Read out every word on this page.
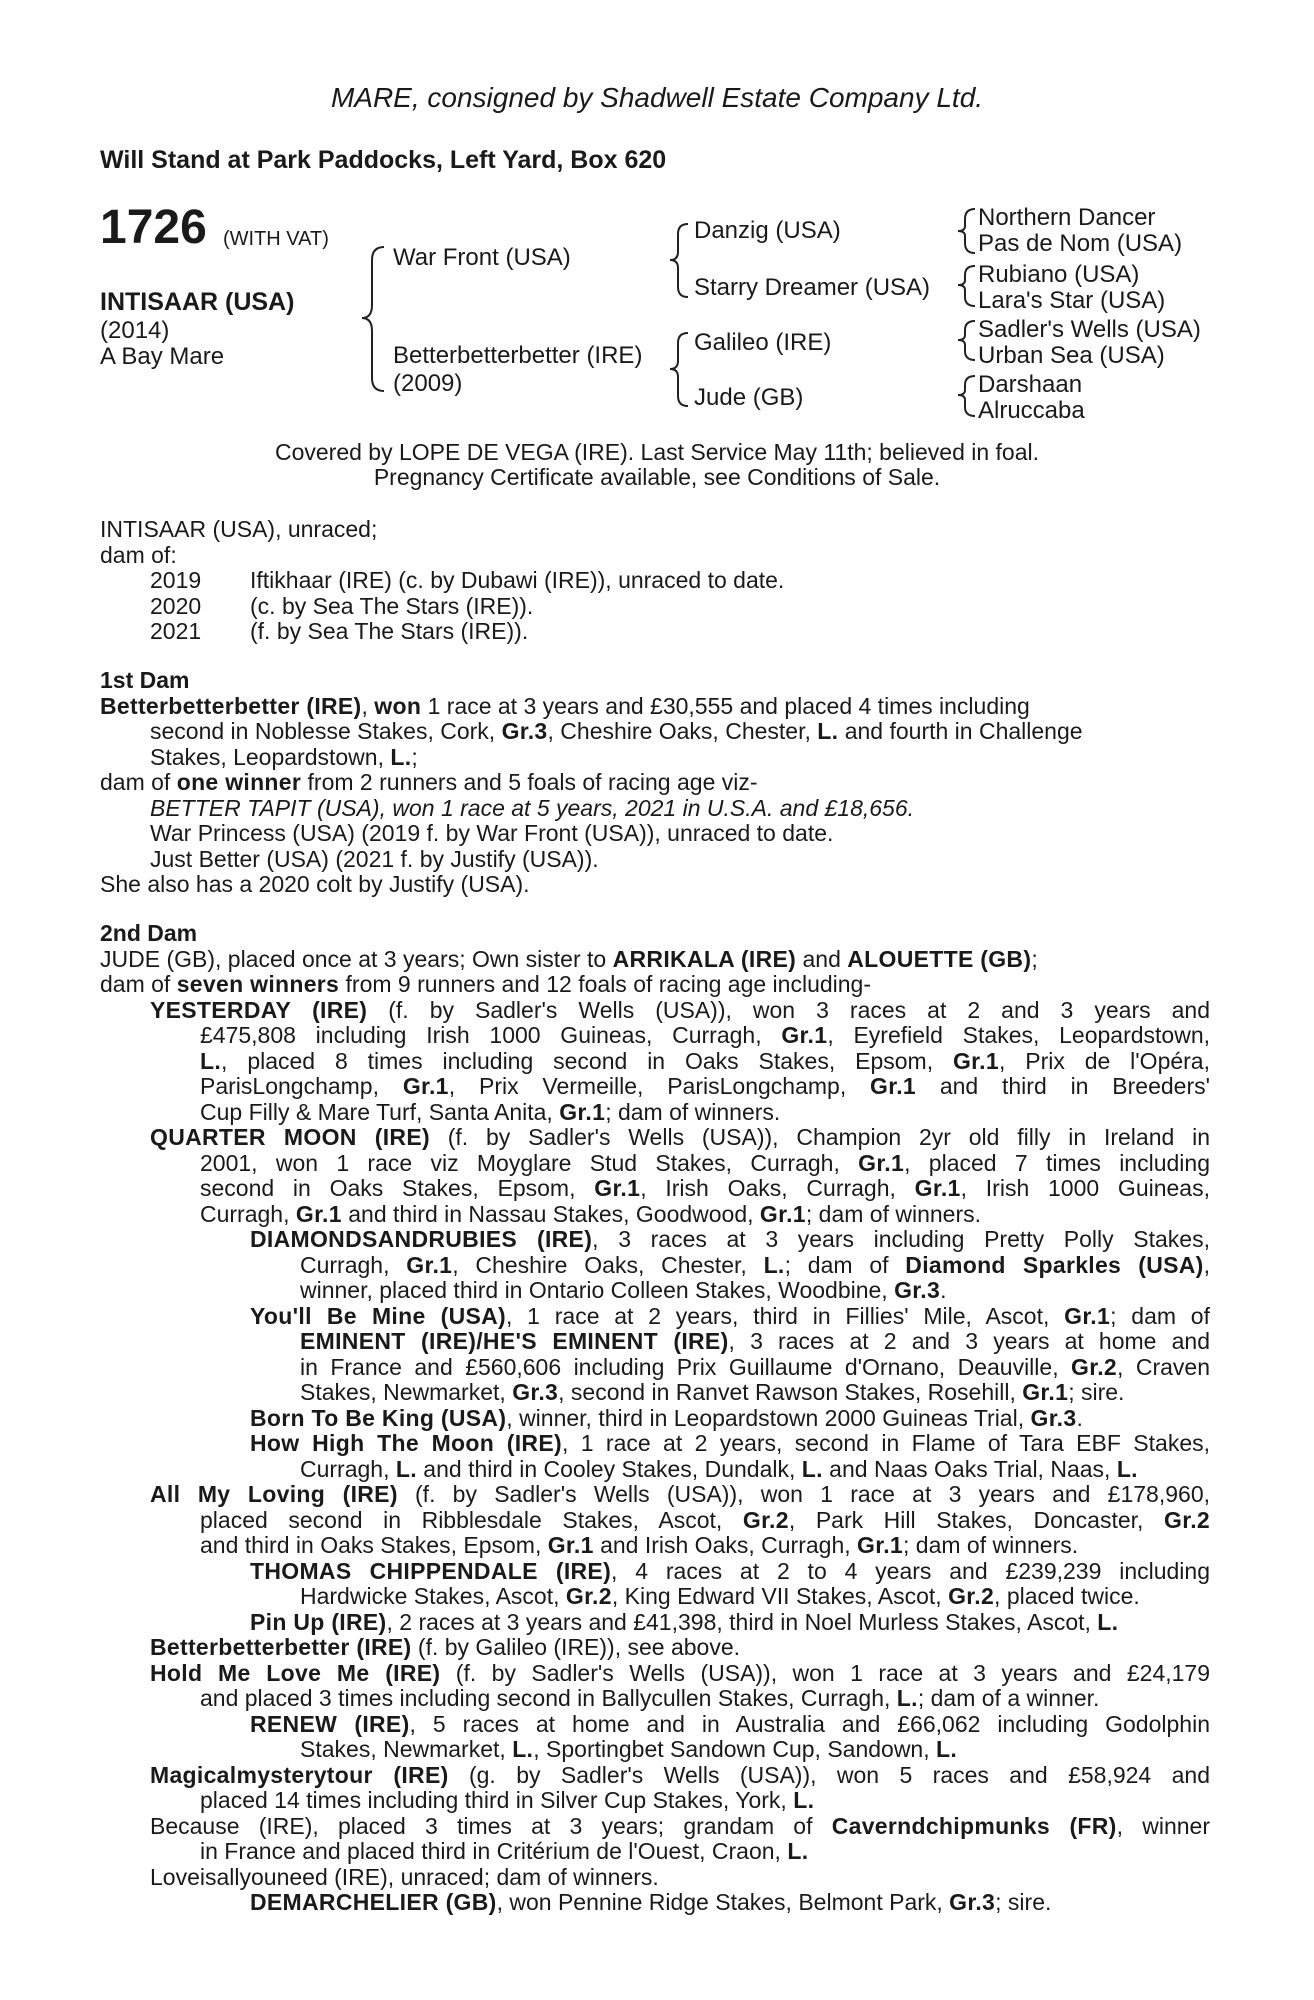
MARE, consigned by Shadwell Estate Company Ltd.
Will Stand at Park Paddocks, Left Yard, Box 620
1726 (WITH VAT)
INTISAAR (USA)
(2014)
A Bay Mare
War Front (USA)
Betterbetterbetter (IRE)
(2009)
Danzig (USA)
Starry Dreamer (USA)
Galileo (IRE)
Jude (GB)
Northern Dancer
Pas de Nom (USA)
Rubiano (USA)
Lara's Star (USA)
Sadler's Wells (USA)
Urban Sea (USA)
Darshaan
Alruccaba
Covered by LOPE DE VEGA (IRE). Last Service May 11th; believed in foal.
Pregnancy Certificate available, see Conditions of Sale.

INTISAAR (USA), unraced;

dam of:

2019	Iftikhaar (IRE) (c. by Dubawi (IRE)), unraced to date.
2020	(c. by Sea The Stars (IRE)).
2021	(f. by Sea The Stars (IRE)).

1st Dam

Betterbetterbetter (IRE), won 1 race at 3 years and £30,555 and placed 4 times including

second in Noblesse Stakes, Cork, Gr.3, Cheshire Oaks, Chester, L. and fourth in Challenge

Stakes, Leopardstown, L.;

dam of one winner from 2 runners and 5 foals of racing age viz-

BETTER TAPIT (USA), won 1 race at 5 years, 2021 in U.S.A. and £18,656.

War Princess (USA) (2019 f. by War Front (USA)), unraced to date.

Just Better (USA) (2021 f. by Justify (USA)).

She also has a 2020 colt by Justify (USA).

2nd Dam

JUDE (GB), placed once at 3 years; Own sister to ARRIKALA (IRE) and ALOUETTE (GB);

dam of seven winners from 9 runners and 12 foals of racing age including-

YESTERDAY (IRE) (f. by Sadler's Wells (USA)), won 3 races at 2 and 3 years and

£475,808 including Irish 1000 Guineas, Curragh, Gr.1, Eyrefield Stakes, Leopardstown,

L., placed 8 times including second in Oaks Stakes, Epsom, Gr.1, Prix de l'Opéra,

ParisLongchamp, Gr.1, Prix Vermeille, ParisLongchamp, Gr.1 and third in Breeders'

Cup Filly & Mare Turf, Santa Anita, Gr.1; dam of winners.

QUARTER MOON (IRE) (f. by Sadler's Wells (USA)), Champion 2yr old filly in Ireland in

2001, won 1 race viz Moyglare Stud Stakes, Curragh, Gr.1, placed 7 times including

second in Oaks Stakes, Epsom, Gr.1, Irish Oaks, Curragh, Gr.1, Irish 1000 Guineas,

Curragh, Gr.1 and third in Nassau Stakes, Goodwood, Gr.1; dam of winners.

DIAMONDSANDRUBIES (IRE), 3 races at 3 years including Pretty Polly Stakes,

Curragh, Gr.1, Cheshire Oaks, Chester, L.; dam of Diamond Sparkles (USA),

winner, placed third in Ontario Colleen Stakes, Woodbine, Gr.3.

You'll Be Mine (USA), 1 race at 2 years, third in Fillies' Mile, Ascot, Gr.1; dam of

EMINENT (IRE)/HE'S EMINENT (IRE), 3 races at 2 and 3 years at home and

in France and £560,606 including Prix Guillaume d'Ornano, Deauville, Gr.2, Craven

Stakes, Newmarket, Gr.3, second in Ranvet Rawson Stakes, Rosehill, Gr.1; sire.

Born To Be King (USA), winner, third in Leopardstown 2000 Guineas Trial, Gr.3.

How High The Moon (IRE), 1 race at 2 years, second in Flame of Tara EBF Stakes,

Curragh, L. and third in Cooley Stakes, Dundalk, L. and Naas Oaks Trial, Naas, L.

All My Loving (IRE) (f. by Sadler's Wells (USA)), won 1 race at 3 years and £178,960,

placed second in Ribblesdale Stakes, Ascot, Gr.2, Park Hill Stakes, Doncaster, Gr.2

and third in Oaks Stakes, Epsom, Gr.1 and Irish Oaks, Curragh, Gr.1; dam of winners.

THOMAS CHIPPENDALE (IRE), 4 races at 2 to 4 years and £239,239 including

Hardwicke Stakes, Ascot, Gr.2, King Edward VII Stakes, Ascot, Gr.2, placed twice.

Pin Up (IRE), 2 races at 3 years and £41,398, third in Noel Murless Stakes, Ascot, L.

Betterbetterbetter (IRE) (f. by Galileo (IRE)), see above.

Hold Me Love Me (IRE) (f. by Sadler's Wells (USA)), won 1 race at 3 years and £24,179

and placed 3 times including second in Ballycullen Stakes, Curragh, L.; dam of a winner.

RENEW (IRE), 5 races at home and in Australia and £66,062 including Godolphin

Stakes, Newmarket, L., Sportingbet Sandown Cup, Sandown, L.

Magicalmysterytour (IRE) (g. by Sadler's Wells (USA)), won 5 races and £58,924 and

placed 14 times including third in Silver Cup Stakes, York, L.

Because (IRE), placed 3 times at 3 years; grandam of Caverndchipmunks (FR), winner

in France and placed third in Critérium de l'Ouest, Craon, L.

Loveisallyouneed (IRE), unraced; dam of winners.

DEMARCHELIER (GB), won Pennine Ridge Stakes, Belmont Park, Gr.3; sire.
